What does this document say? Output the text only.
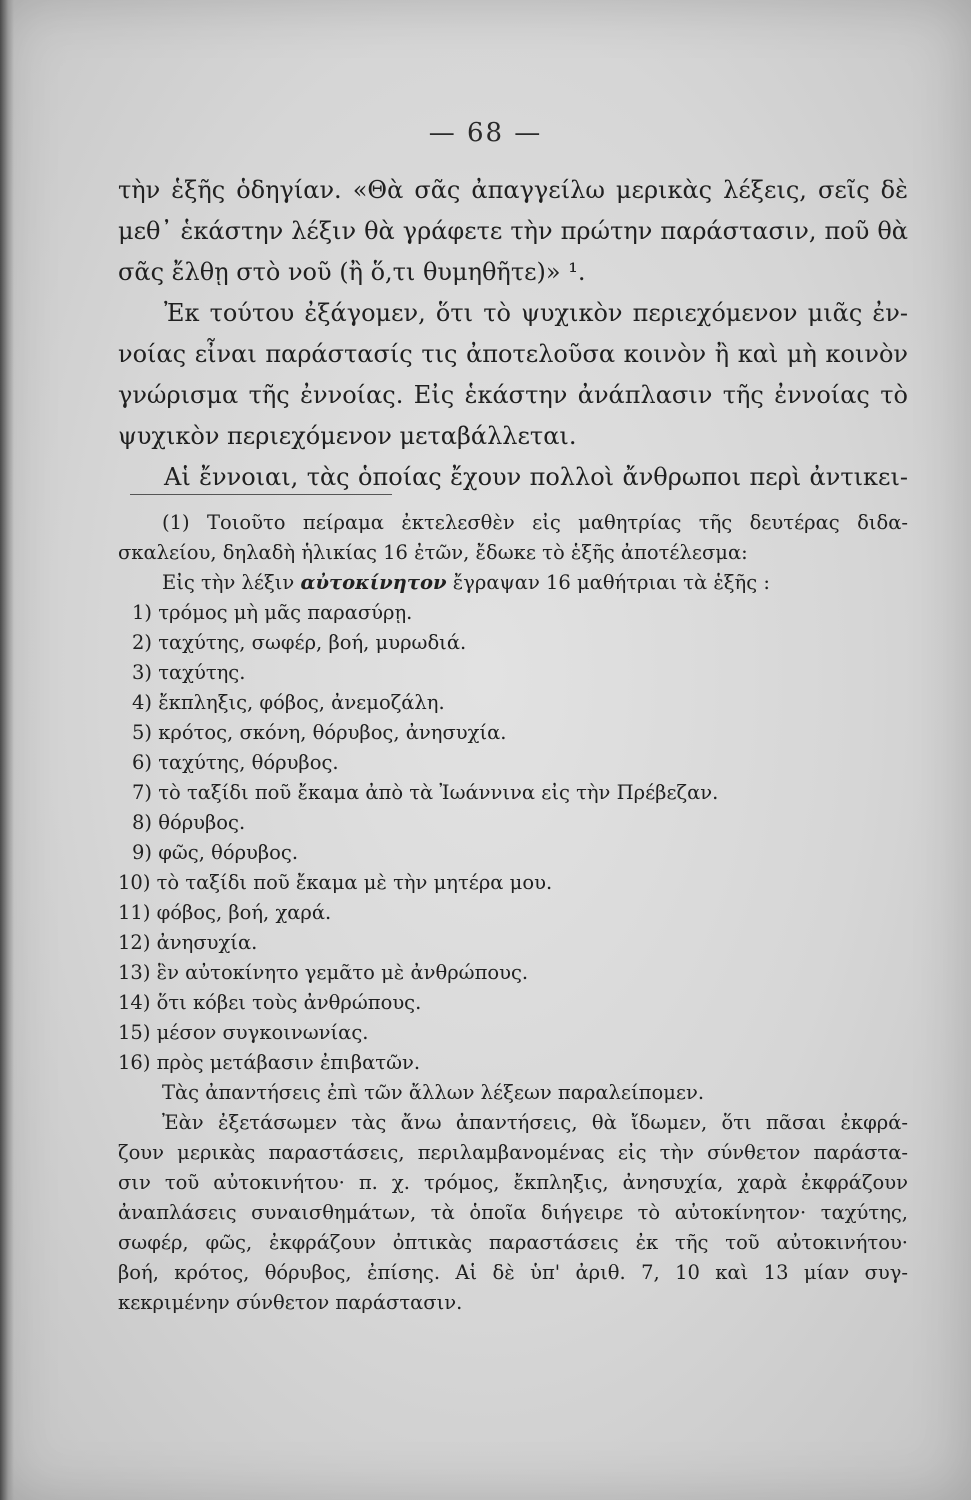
— 68 —
τὴν ἑξῆς ὁδηγίαν. «Θὰ σᾶς ἀπαγγείλω μερικὰς λέξεις, σεῖς δὲ
μεθ᾽ ἑκάστην λέξιν θὰ γράφετε τὴν πρώτην παράστασιν, ποῦ θὰ
σᾶς ἔλθῃ στὸ νοῦ (ἢ ὅ,τι θυμηθῆτε)» ¹.
Ἐκ τούτου ἐξάγομεν, ὅτι τὸ ψυχικὸν περιεχόμενον μιᾶς ἐν-
νοίας εἶναι παράστασίς τις ἀποτελοῦσα κοινὸν ἢ καὶ μὴ κοινὸν
γνώρισμα τῆς ἐννοίας. Εἰς ἑκάστην ἀνάπλασιν τῆς ἐννοίας τὸ
ψυχικὸν περιεχόμενον μεταβάλλεται.
Αἱ ἔννοιαι, τὰς ὁποίας ἔχουν πολλοὶ ἄνθρωποι περὶ ἀντικει-
(1) Τοιοῦτο πείραμα ἐκτελεσθὲν εἰς μαθητρίας τῆς δευτέρας διδα-
σκαλείου, δηλαδὴ ἡλικίας 16 ἐτῶν, ἔδωκε τὸ ἑξῆς ἀποτέλεσμα:
Εἰς τὴν λέξιν αὐτοκίνητον ἔγραψαν 16 μαθήτριαι τὰ ἑξῆς :
1) τρόμος μὴ μᾶς παρασύρῃ.
2) ταχύτης, σωφέρ, βοή, μυρωδιά.
3) ταχύτης.
4) ἔκπληξις, φόβος, ἀνεμοζάλη.
5) κρότος, σκόνη, θόρυβος, ἀνησυχία.
6) ταχύτης, θόρυβος.
7) τὸ ταξίδι ποῦ ἔκαμα ἀπὸ τὰ Ἰωάννινα εἰς τὴν Πρέβεζαν.
8) θόρυβος.
9) φῶς, θόρυβος.
10) τὸ ταξίδι ποῦ ἔκαμα μὲ τὴν μητέρα μου.
11) φόβος, βοή, χαρά.
12) ἀνησυχία.
13) ἓν αὐτοκίνητο γεμᾶτο μὲ ἀνθρώπους.
14) ὅτι κόβει τοὺς ἀνθρώπους.
15) μέσον συγκοινωνίας.
16) πρὸς μετάβασιν ἐπιβατῶν.
Τὰς ἀπαντήσεις ἐπὶ τῶν ἄλλων λέξεων παραλείπομεν.
Ἐὰν ἐξετάσωμεν τὰς ἄνω ἀπαντήσεις, θὰ ἴδωμεν, ὅτι πᾶσαι ἐκφρά-
ζουν μερικὰς παραστάσεις, περιλαμβανομένας εἰς τὴν σύνθετον παράστα-
σιν τοῦ αὐτοκινήτου· π. χ. τρόμος, ἔκπληξις, ἀνησυχία, χαρὰ ἐκφράζουν
ἀναπλάσεις συναισθημάτων, τὰ ὁποῖα διήγειρε τὸ αὐτοκίνητον· ταχύτης,
σωφέρ, φῶς, ἐκφράζουν ὀπτικὰς παραστάσεις ἐκ τῆς τοῦ αὐτοκινήτου·
βοή, κρότος, θόρυβος, ἐπίσης. Αἱ δὲ ὑπ' ἀριθ. 7, 10 καὶ 13 μίαν συγ-
κεκριμένην σύνθετον παράστασιν.
